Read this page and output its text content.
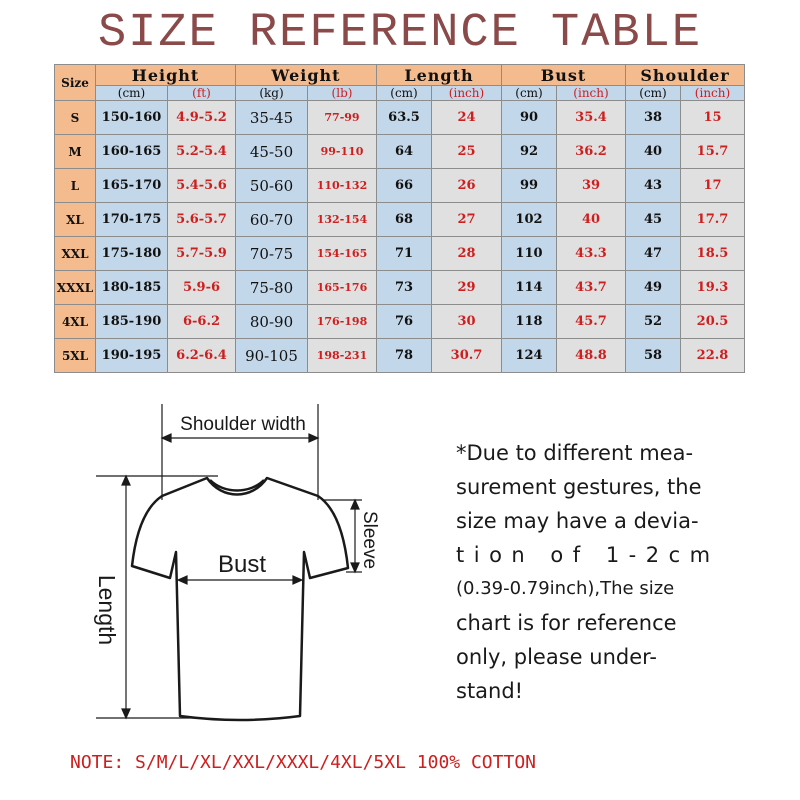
SIZE REFERENCE TABLE
Size	Height		Weight		Length		Bust		Shoulder	
	(cm)	(ft)	(kg)	(lb)	(cm)	(inch)	(cm)	(inch)	(cm)	(inch)
S	150-160	4.9-5.2	35-45	77-99	63.5	24	90	35.4	38	15
M	160-165	5.2-5.4	45-50	99-110	64	25	92	36.2	40	15.7
L	165-170	5.4-5.6	50-60	110-132	66	26	99	39	43	17
XL	170-175	5.6-5.7	60-70	132-154	68	27	102	40	45	17.7
XXL	175-180	5.7-5.9	70-75	154-165	71	28	110	43.3	47	18.5
XXXL	180-185	5.9-6	75-80	165-176	73	29	114	43.7	49	19.3
4XL	185-190	6-6.2	80-90	176-198	76	30	118	45.7	52	20.5
5XL	190-195	6.2-6.4	90-105	198-231	78	30.7	124	48.8	58	22.8
Shoulder width
Bust
Length
Sleeve
*Due to different mea-
surement gestures, the
size may have a devia-
tion of 1-2cm
(0.39-0.79inch),The size
chart is for reference
only, please under-
stand!
NOTE: S/M/L/XL/XXL/XXXL/4XL/5XL 100% COTTON
